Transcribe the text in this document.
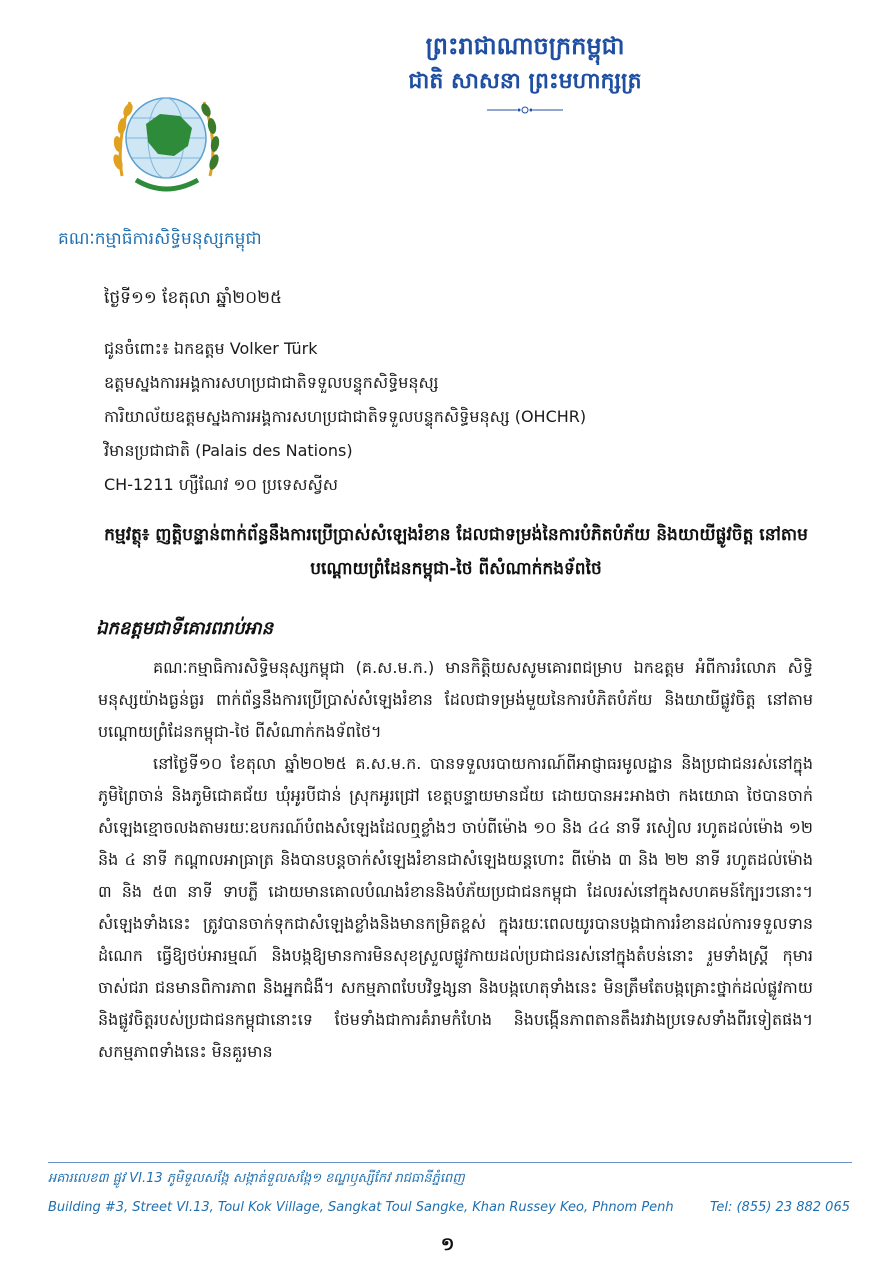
ព្រះរាជាណាចក្រកម្ពុជា
ជាតិ សាសនា ព្រះមហាក្សត្រ
គណៈកម្មាធិការសិទ្ធិមនុស្សកម្ពុជា
ថ្ងៃទី១១ ខែតុលា ឆ្នាំ២០២៥
ជូនចំពោះ៖ ឯកឧត្តម Volker Türk
ឧត្តមស្នងការអង្គការសហប្រជាជាតិទទួលបន្ទុកសិទ្ធិមនុស្ស
ការិយាល័យឧត្តមស្នងការអង្គការសហប្រជាជាតិទទួលបន្ទុកសិទ្ធិមនុស្ស (OHCHR)
វិមានប្រជាជាតិ (Palais des Nations)
CH-1211 ហ្សឺណែវ ១០ ប្រទេសស្វីស
កម្មវត្ថុ៖ ញត្តិបន្ទាន់ពាក់ព័ន្ធនឹងការប្រើប្រាស់សំឡេងរំខាន ដែលជាទម្រង់នៃការបំភិតបំភ័យ និងយាយីផ្លូវចិត្ត នៅតាមបណ្ដោយព្រំដែនកម្ពុជា-ថៃ ពីសំណាក់កងទ័ពថៃ
ឯកឧត្តមជាទីគោរពរាប់អាន

គណៈកម្មាធិការសិទ្ធិមនុស្សកម្ពុជា (គ.ស.ម.ក.) មានកិត្តិយសសូមគោរពជម្រាប ឯកឧត្តម អំពីការរំលោភ សិទ្ធិមនុស្សយ៉ាងធ្ងន់ធ្ងរ ពាក់ព័ន្ធនឹងការប្រើប្រាស់សំឡេងរំខាន ដែលជាទម្រង់មួយនៃការបំភិតបំភ័យ និងយាយីផ្លូវចិត្ត នៅតាមបណ្ដោយព្រំដែនកម្ពុជា-ថៃ ពីសំណាក់កងទ័ពថៃ។

នៅថ្ងៃទី១០ ខែតុលា ឆ្នាំ២០២៥ គ.ស.ម.ក. បានទទួលរបាយការណ៍ពីអាជ្ញាធរមូលដ្ឋាន និងប្រជាជនរស់នៅក្នុងភូមិព្រៃចាន់ និងភូមិជោគជ័យ ឃុំអូរបីជាន់ ស្រុកអូរជ្រៅ ខេត្តបន្ទាយមានជ័យ ដោយបានអះអាងថា កងយោធា ថៃបានចាក់សំឡេងខ្មោចលងតាមរយៈឧបករណ៍បំពងសំឡេងដែលឮខ្លាំងៗ ចាប់ពីម៉ោង ១០ និង ៤៤ នាទី រសៀល រហូតដល់ម៉ោង ១២ និង ៤ នាទី កណ្ដាលអាធ្រាត្រ និងបានបន្តចាក់សំឡេងរំខានជាសំឡេងយន្តហោះ ពីម៉ោង ៣ និង ២២ នាទី រហូតដល់ម៉ោង ៣ និង ៥៣ នាទី ទាបភ្លឺ ដោយមានគោលបំណងរំខាននិងបំភ័យប្រជាជនកម្ពុជា ដែលរស់នៅក្នុងសហគមន៍ក្បែរៗនោះ។ សំឡេងទាំងនេះ ត្រូវបានចាក់ទុកជាសំឡេងខ្លាំងនិងមានកម្រិតខ្ពស់ ក្នុងរយៈពេលយូរបានបង្កជាការរំខានដល់ការទទួលទានដំណេក ធ្វើឱ្យថប់អារម្មណ៍ និងបង្កឱ្យមានការមិនសុខស្រួលផ្លូវកាយដល់ប្រជាជនរស់នៅក្នុងតំបន់នោះ រួមទាំងស្ត្រី កុមារ ចាស់ជរា ជនមានពិការភាព និងអ្នកជំងឺ។ សកម្មភាពបែបវិទ្ធង្សនា និងបង្កហេតុទាំងនេះ មិនត្រឹមតែបង្កគ្រោះថ្នាក់ដល់ផ្លូវកាយនិងផ្លូវចិត្តរបស់ប្រជាជនកម្ពុជានោះទេ ថែមទាំងជាការគំរាមកំហែង និងបង្កើនភាពតានតឹងរវាងប្រទេសទាំងពីរទៀតផង។ សកម្មភាពទាំងនេះ មិនគួរមាន

អគារលេខ៣ ផ្លូវ VI.13 ភូមិទួលសង្កែ សង្កាត់ទួលសង្កែ១ ខណ្ឌឫស្សីកែវ រាជធានីភ្នំពេញ
Building #3, Street VI.13, Toul Kok Village, Sangkat Toul Sangke, Khan Russey Keo, Phnom Penh	Tel: (855) 23 882 065
១
